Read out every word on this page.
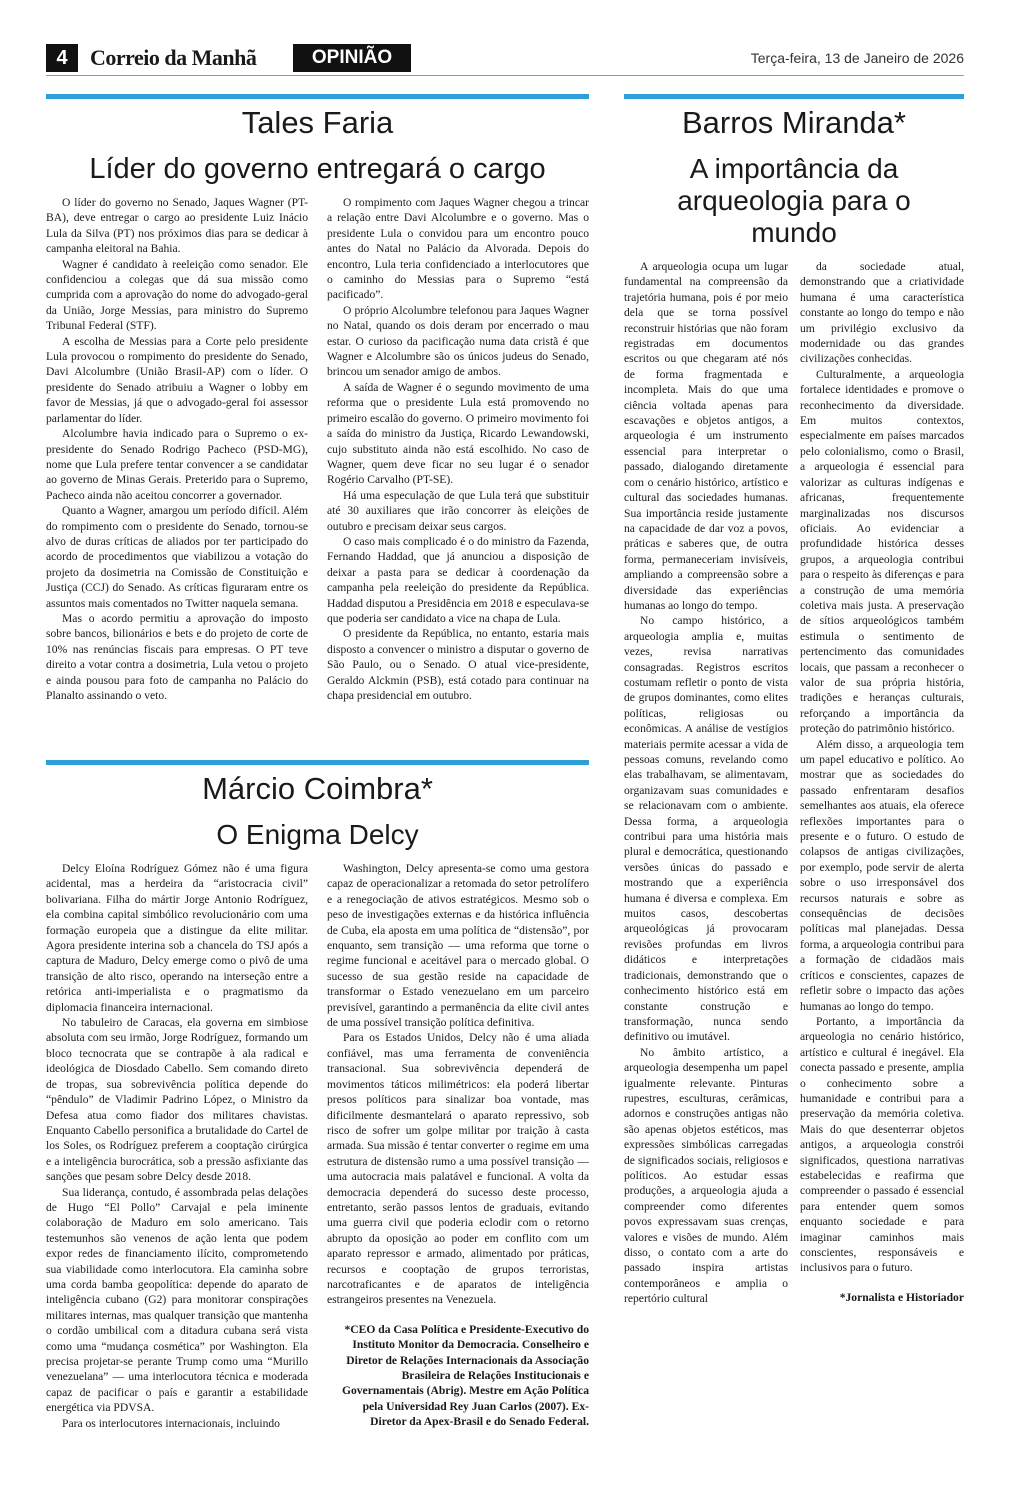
4	Correio da Manhã	OPINIÃO	Terça-feira, 13 de Janeiro de 2026
Tales Faria
Líder do governo entregará o cargo

O líder do governo no Senado, Jaques Wagner (PT-BA), deve entregar o cargo ao presidente Luiz Inácio Lula da Silva (PT) nos próximos dias para se dedicar à campanha eleitoral na Bahia.

Wagner é candidato à reeleição como senador. Ele confidenciou a colegas que dá sua missão como cumprida com a aprovação do nome do advogado-geral da União, Jorge Messias, para ministro do Supremo Tribunal Federal (STF).

A escolha de Messias para a Corte pelo presidente Lula provocou o rompimento do presidente do Senado, Davi Alcolumbre (União Brasil-AP) com o líder. O presidente do Senado atribuiu a Wagner o lobby em favor de Messias, já que o advogado-geral foi assessor parlamentar do líder.

Alcolumbre havia indicado para o Supremo o ex-presidente do Senado Rodrigo Pacheco (PSD-MG), nome que Lula prefere tentar convencer a se candidatar ao governo de Minas Gerais. Preterido para o Supremo, Pacheco ainda não aceitou concorrer a governador.

Quanto a Wagner, amargou um período difícil. Além do rompimento com o presidente do Senado, tornou-se alvo de duras críticas de aliados por ter participado do acordo de procedimentos que viabilizou a votação do projeto da dosimetria na Comissão de Constituição e Justiça (CCJ) do Senado. As críticas figuraram entre os assuntos mais comentados no Twitter naquela semana.

Mas o acordo permitiu a aprovação do imposto sobre bancos, bilionários e bets e do projeto de corte de 10% nas renúncias fiscais para empresas. O PT teve direito a votar contra a dosimetria, Lula vetou o projeto e ainda pousou para foto de campanha no Palácio do Planalto assinando o veto.

O rompimento com Jaques Wagner chegou a trincar a relação entre Davi Alcolumbre e o governo. Mas o presidente Lula o convidou para um encontro pouco antes do Natal no Palácio da Alvorada. Depois do encontro, Lula teria confidenciado a interlocutores que o caminho do Messias para o Supremo “está pacificado”.

O próprio Alcolumbre telefonou para Jaques Wagner no Natal, quando os dois deram por encerrado o mau estar. O curioso da pacificação numa data cristã é que Wagner e Alcolumbre são os únicos judeus do Senado, brincou um senador amigo de ambos.

A saída de Wagner é o segundo movimento de uma reforma que o presidente Lula está promovendo no primeiro escalão do governo. O primeiro movimento foi a saída do ministro da Justiça, Ricardo Lewandowski, cujo substituto ainda não está escolhido. No caso de Wagner, quem deve ficar no seu lugar é o senador Rogério Carvalho (PT-SE).

Há uma especulação de que Lula terá que substituir até 30 auxiliares que irão concorrer às eleições de outubro e precisam deixar seus cargos.

O caso mais complicado é o do ministro da Fazenda, Fernando Haddad, que já anunciou a disposição de deixar a pasta para se dedicar à coordenação da campanha pela reeleição do presidente da República. Haddad disputou a Presidência em 2018 e especulava-se que poderia ser candidato a vice na chapa de Lula.

O presidente da República, no entanto, estaria mais disposto a convencer o ministro a disputar o governo de São Paulo, ou o Senado. O atual vice-presidente, Geraldo Alckmin (PSB), está cotado para continuar na chapa presidencial em outubro.

Márcio Coimbra*
O Enigma Delcy

Delcy Eloína Rodríguez Gómez não é uma figura acidental, mas a herdeira da “aristocracia civil” bolivariana. Filha do mártir Jorge Antonio Rodríguez, ela combina capital simbólico revolucionário com uma formação europeia que a distingue da elite militar. Agora presidente interina sob a chancela do TSJ após a captura de Maduro, Delcy emerge como o pivô de uma transição de alto risco, operando na interseção entre a retórica anti-imperialista e o pragmatismo da diplomacia financeira internacional.

No tabuleiro de Caracas, ela governa em simbiose absoluta com seu irmão, Jorge Rodríguez, formando um bloco tecnocrata que se contrapõe à ala radical e ideológica de Diosdado Cabello. Sem comando direto de tropas, sua sobrevivência política depende do “pêndulo” de Vladimir Padrino López, o Ministro da Defesa atua como fiador dos militares chavistas. Enquanto Cabello personifica a brutalidade do Cartel de los Soles, os Rodríguez preferem a cooptação cirúrgica e a inteligência burocrática, sob a pressão asfixiante das sanções que pesam sobre Delcy desde 2018.

Sua liderança, contudo, é assombrada pelas delações de Hugo “El Pollo” Carvajal e pela iminente colaboração de Maduro em solo americano. Tais testemunhos são venenos de ação lenta que podem expor redes de financiamento ilícito, comprometendo sua viabilidade como interlocutora. Ela caminha sobre uma corda bamba geopolítica: depende do aparato de inteligência cubano (G2) para monitorar conspirações militares internas, mas qualquer transição que mantenha o cordão umbilical com a ditadura cubana será vista como uma “mudança cosmética” por Washington. Ela precisa projetar-se perante Trump como uma “Murillo venezuelana” — uma interlocutora técnica e moderada capaz de pacificar o país e garantir a estabilidade energética via PDVSA.

Para os interlocutores internacionais, incluindo

Washington, Delcy apresenta-se como uma gestora capaz de operacionalizar a retomada do setor petrolífero e a renegociação de ativos estratégicos. Mesmo sob o peso de investigações externas e da histórica influência de Cuba, ela aposta em uma política de “distensão”, por enquanto, sem transição — uma reforma que torne o regime funcional e aceitável para o mercado global. O sucesso de sua gestão reside na capacidade de transformar o Estado venezuelano em um parceiro previsível, garantindo a permanência da elite civil antes de uma possível transição política definitiva.

Para os Estados Unidos, Delcy não é uma aliada confiável, mas uma ferramenta de conveniência transacional. Sua sobrevivência dependerá de movimentos táticos milimétricos: ela poderá libertar presos políticos para sinalizar boa vontade, mas dificilmente desmantelará o aparato repressivo, sob risco de sofrer um golpe militar por traição à casta armada. Sua missão é tentar converter o regime em uma estrutura de distensão rumo a uma possível transição — uma autocracia mais palatável e funcional. A volta da democracia dependerá do sucesso deste processo, entretanto, serão passos lentos de graduais, evitando uma guerra civil que poderia eclodir com o retorno abrupto da oposição ao poder em conflito com um aparato repressor e armado, alimentado por práticas, recursos e cooptação de grupos terroristas, narcotraficantes e de aparatos de inteligência estrangeiros presentes na Venezuela.

*CEO da Casa Política e Presidente-Executivo do Instituto Monitor da Democracia. Conselheiro e Diretor de Relações Internacionais da Associação Brasileira de Relações Institucionais e Governamentais (Abrig). Mestre em Ação Política pela Universidad Rey Juan Carlos (2007). Ex-Diretor da Apex-Brasil e do Senado Federal.
Barros Miranda*
A importância da arqueologia para o mundo

A arqueologia ocupa um lugar fundamental na compreensão da trajetória humana, pois é por meio dela que se torna possível reconstruir histórias que não foram registradas em documentos escritos ou que chegaram até nós de forma fragmentada e incompleta. Mais do que uma ciência voltada apenas para escavações e objetos antigos, a arqueologia é um instrumento essencial para interpretar o passado, dialogando diretamente com o cenário histórico, artístico e cultural das sociedades humanas. Sua importância reside justamente na capacidade de dar voz a povos, práticas e saberes que, de outra forma, permaneceriam invisíveis, ampliando a compreensão sobre a diversidade das experiências humanas ao longo do tempo.

No campo histórico, a arqueologia amplia e, muitas vezes, revisa narrativas consagradas. Registros escritos costumam refletir o ponto de vista de grupos dominantes, como elites políticas, religiosas ou econômicas. A análise de vestígios materiais permite acessar a vida de pessoas comuns, revelando como elas trabalhavam, se alimentavam, organizavam suas comunidades e se relacionavam com o ambiente. Dessa forma, a arqueologia contribui para uma história mais plural e democrática, questionando versões únicas do passado e mostrando que a experiência humana é diversa e complexa. Em muitos casos, descobertas arqueológicas já provocaram revisões profundas em livros didáticos e interpretações tradicionais, demonstrando que o conhecimento histórico está em constante construção e transformação, nunca sendo definitivo ou imutável.

No âmbito artístico, a arqueologia desempenha um papel igualmente relevante. Pinturas rupestres, esculturas, cerâmicas, adornos e construções antigas não são apenas objetos estéticos, mas expressões simbólicas carregadas de significados sociais, religiosos e políticos. Ao estudar essas produções, a arqueologia ajuda a compreender como diferentes povos expressavam suas crenças, valores e visões de mundo. Além disso, o contato com a arte do passado inspira artistas contemporâneos e amplia o repertório cultural

da sociedade atual, demonstrando que a criatividade humana é uma característica constante ao longo do tempo e não um privilégio exclusivo da modernidade ou das grandes civilizações conhecidas.

Culturalmente, a arqueologia fortalece identidades e promove o reconhecimento da diversidade. Em muitos contextos, especialmente em países marcados pelo colonialismo, como o Brasil, a arqueologia é essencial para valorizar as culturas indígenas e africanas, frequentemente marginalizadas nos discursos oficiais. Ao evidenciar a profundidade histórica desses grupos, a arqueologia contribui para o respeito às diferenças e para a construção de uma memória coletiva mais justa. A preservação de sítios arqueológicos também estimula o sentimento de pertencimento das comunidades locais, que passam a reconhecer o valor de sua própria história, tradições e heranças culturais, reforçando a importância da proteção do patrimônio histórico.

Além disso, a arqueologia tem um papel educativo e político. Ao mostrar que as sociedades do passado enfrentaram desafios semelhantes aos atuais, ela oferece reflexões importantes para o presente e o futuro. O estudo de colapsos de antigas civilizações, por exemplo, pode servir de alerta sobre o uso irresponsável dos recursos naturais e sobre as consequências de decisões políticas mal planejadas. Dessa forma, a arqueologia contribui para a formação de cidadãos mais críticos e conscientes, capazes de refletir sobre o impacto das ações humanas ao longo do tempo.

Portanto, a importância da arqueologia no cenário histórico, artístico e cultural é inegável. Ela conecta passado e presente, amplia o conhecimento sobre a humanidade e contribui para a preservação da memória coletiva. Mais do que desenterrar objetos antigos, a arqueologia constrói significados, questiona narrativas estabelecidas e reafirma que compreender o passado é essencial para entender quem somos enquanto sociedade e para imaginar caminhos mais conscientes, responsáveis e inclusivos para o futuro.

*Jornalista e Historiador
